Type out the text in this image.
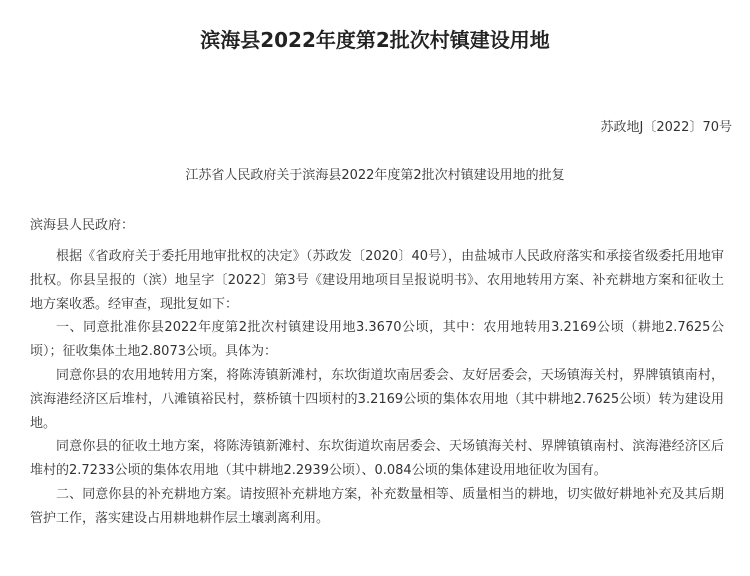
滨海县2022年度第2批次村镇建设用地
苏政地J〔2022〕70号
江苏省人民政府关于滨海县2022年度第2批次村镇建设用地的批复
滨海县人民政府：

根据《省政府关于委托用地审批权的决定》（苏政发〔2020〕40号），由盐城市人民政府落实和承接省级委托用地审批权。你县呈报的（滨）地呈字〔2022〕第3号《建设用地项目呈报说明书》、农用地转用方案、补充耕地方案和征收土地方案收悉。经审查，现批复如下：

一、同意批准你县2022年度第2批次村镇建设用地3.3670公顷，其中：农用地转用3.2169公顷（耕地2.7625公顷）；征收集体土地2.8073公顷。具体为：

同意你县的农用地转用方案，将陈涛镇新滩村，东坎街道坎南居委会、友好居委会，天场镇海关村，界牌镇镇南村，滨海港经济区后堆村，八滩镇裕民村，蔡桥镇十四顷村的3.2169公顷的集体农用地（其中耕地2.7625公顷）转为建设用地。

同意你县的征收土地方案，将陈涛镇新滩村、东坎街道坎南居委会、天场镇海关村、界牌镇镇南村、滨海港经济区后堆村的2.7233公顷的集体农用地（其中耕地2.2939公顷）、0.084公顷的集体建设用地征收为国有。

二、同意你县的补充耕地方案。请按照补充耕地方案，补充数量相等、质量相当的耕地，切实做好耕地补充及其后期管护工作，落实建设占用耕地耕作层土壤剥离利用。
